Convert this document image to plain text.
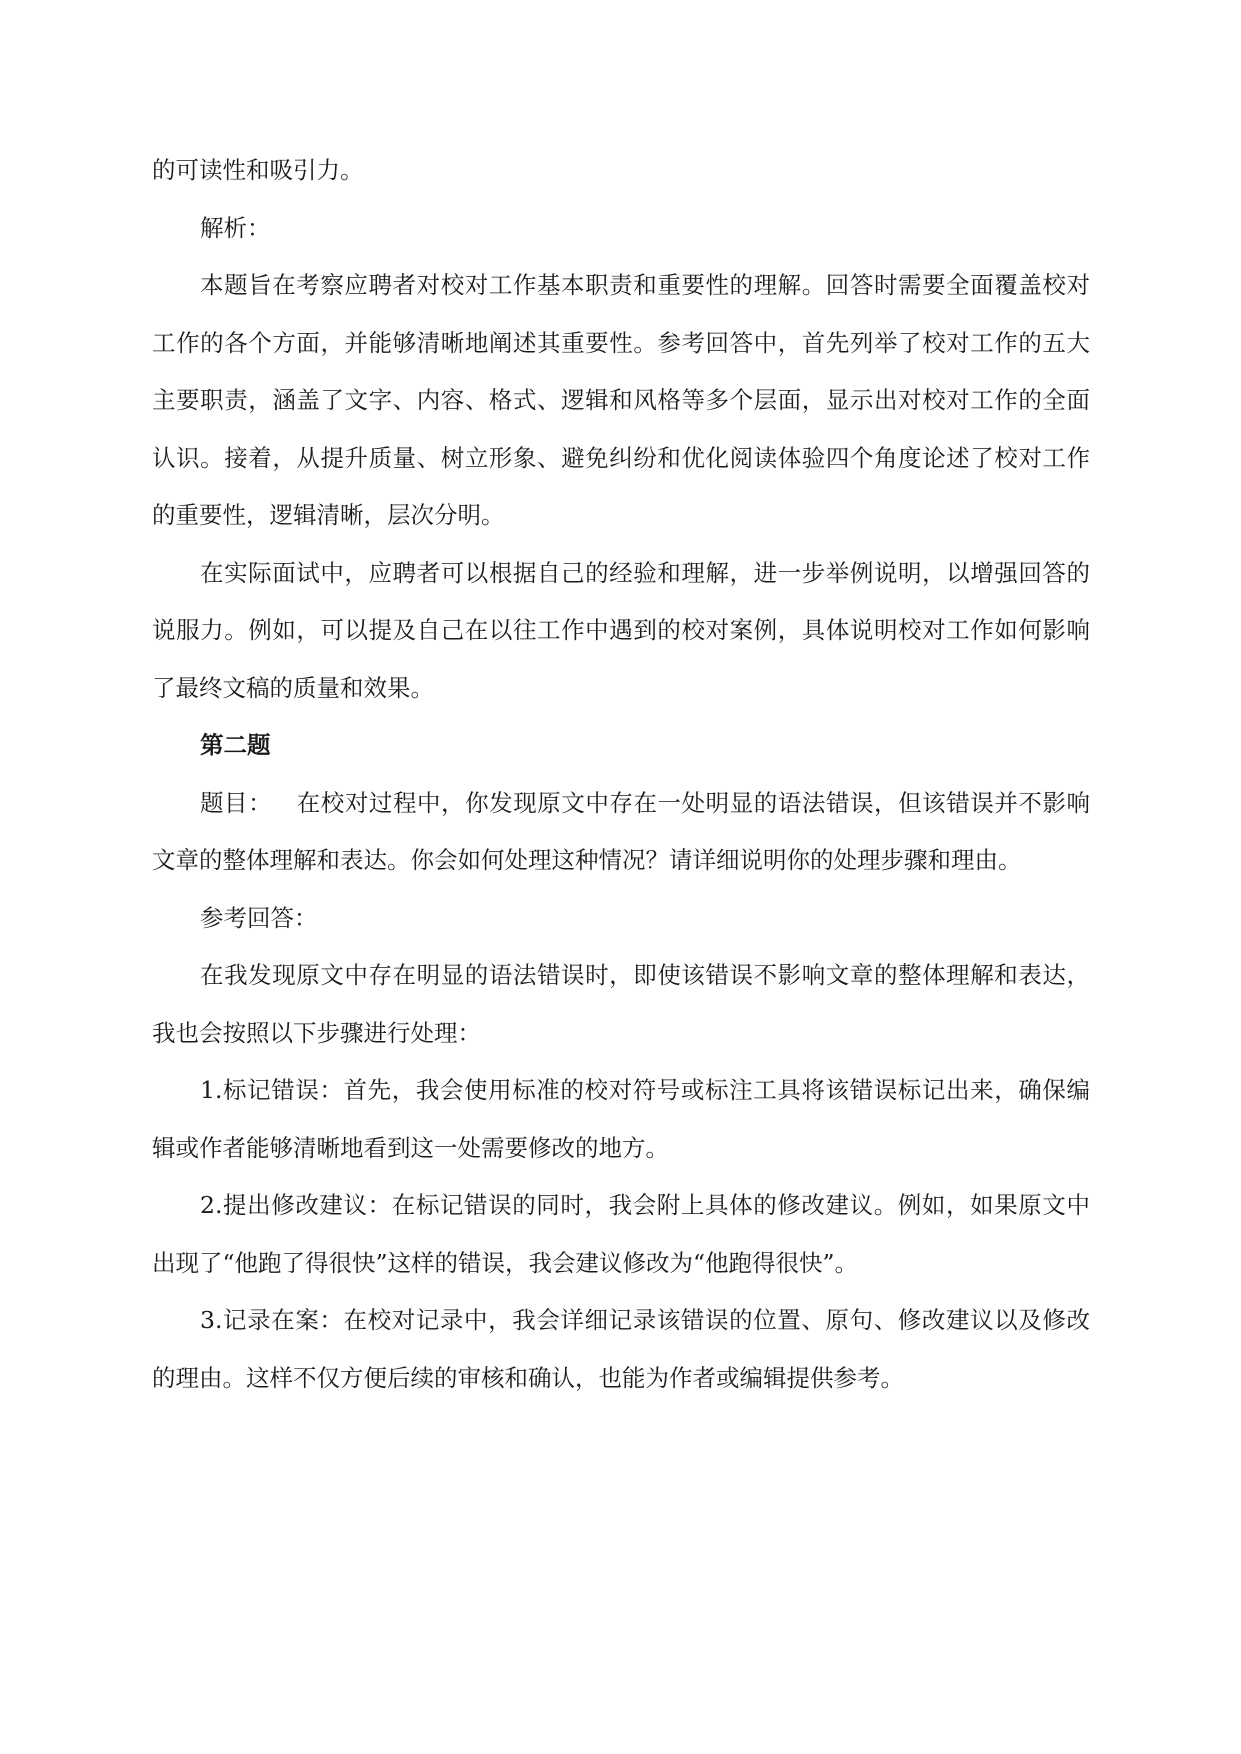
的可读性和吸引力。

解析：

本题旨在考察应聘者对校对工作基本职责和重要性的理解。回答时需要全面覆盖校对工作的各个方面，并能够清晰地阐述其重要性。参考回答中，首先列举了校对工作的五大主要职责，涵盖了文字、内容、格式、逻辑和风格等多个层面，显示出对校对工作的全面认识。接着，从提升质量、树立形象、避免纠纷和优化阅读体验四个角度论述了校对工作的重要性，逻辑清晰，层次分明。

在实际面试中，应聘者可以根据自己的经验和理解，进一步举例说明，以增强回答的说服力。例如，可以提及自己在以往工作中遇到的校对案例，具体说明校对工作如何影响了最终文稿的质量和效果。

第二题

题目： 在校对过程中，你发现原文中存在一处明显的语法错误，但该错误并不影响文章的整体理解和表达。你会如何处理这种情况？请详细说明你的处理步骤和理由。

参考回答：

在我发现原文中存在明显的语法错误时，即使该错误不影响文章的整体理解和表达，我也会按照以下步骤进行处理：

1.标记错误：首先，我会使用标准的校对符号或标注工具将该错误标记出来，确保编辑或作者能够清晰地看到这一处需要修改的地方。

2.提出修改建议：在标记错误的同时，我会附上具体的修改建议。例如，如果原文中出现了“他跑了得很快”这样的错误，我会建议修改为“他跑得很快”。

3.记录在案：在校对记录中，我会详细记录该错误的位置、原句、修改建议以及修改的理由。这样不仅方便后续的审核和确认，也能为作者或编辑提供参考。
